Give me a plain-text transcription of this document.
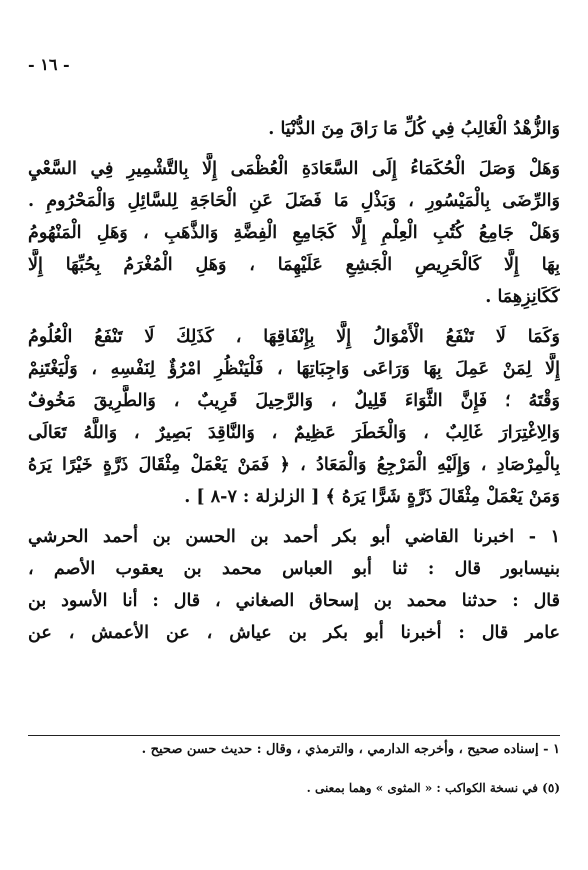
- ١٦ -
وَالزُّهْدُ الْغَالِبُ فِي كُلِّ مَا رَاقَ مِنَ الدُّنْيَا .
وَهَلْ وَصَلَ الْحُكَمَاءُ إِلَى السَّعَادَةِ الْعُظْمَى إِلَّا بِالتَّشْمِيرِ فِي السَّعْيِ
وَالرِّضَى بِالْمَيْسُورِ ، وَبَذْلِ مَا فَضَلَ عَنِ الْحَاجَةِ لِلسَّائِلِ وَالْمَحْرُومِ .
وَهَلْ جَامِعُ كُتُبِ الْعِلْمِ إِلَّا كَجَامِعِ الْفِضَّةِ وَالذَّهَبِ ، وَهَلِ الْمَنْهُومُ
بِهَا إِلَّا كَالْحَرِيصِ الْجَشِعِ عَلَيْهِمَا ، وَهَلِ الْمُغْرَمُ بِحُبِّهَا إِلَّا
كَكَانِزِهِمَا .
وَكَمَا لَا تَنْفَعُ الْأَمْوَالُ إِلَّا بِإِنْفَاقِهَا ، كَذَلِكَ لَا تَنْفَعُ الْعُلُومُ
إِلَّا لِمَنْ عَمِلَ بِهَا وَرَاعَى وَاجِبَاتِهَا ، فَلْيَنْظُرِ امْرُؤٌ لِنَفْسِهِ ، وَلْيَغْتَنِمْ
وَقْتَهُ ؛ فَإِنَّ الثَّوَاءَ قَلِيلٌ ، وَالرَّحِيلَ قَرِيبٌ ، وَالطَّرِيقَ مَخُوفٌ
وَالِاغْتِرَارَ غَالِبٌ ، وَالْخَطَرَ عَظِيمٌ ، وَالنَّاقِدَ بَصِيرٌ ، وَاللَّهُ تَعَالَى
بِالْمِرْصَادِ ، وَإِلَيْهِ الْمَرْجِعُ وَالْمَعَادُ ، ﴿ فَمَنْ يَعْمَلْ مِثْقَالَ ذَرَّةٍ خَيْرًا يَرَهُ
وَمَنْ يَعْمَلْ مِثْقَالَ ذَرَّةٍ شَرًّا يَرَهُ ﴾ [ الزلزلة : ٧-٨ ] .
١ - اخبرنا القاضي أبو بكر أحمد بن الحسن بن أحمد الحرشي
بنيسابور قال : ثنا أبو العباس محمد بن يعقوب الأصم ،
قال : حدثنا محمد بن إسحاق الصغاني ، قال : أنا الأسود بن
عامر قال : أخبرنا أبو بكر بن عياش ، عن الأعمش ، عن
١ - إسناده صحيح ، وأخرجه الدارمي ، والترمذي ، وقال : حديث حسن صحيح .
(٥) في نسخة الكواكب : « المثوى » وهما بمعنى .
